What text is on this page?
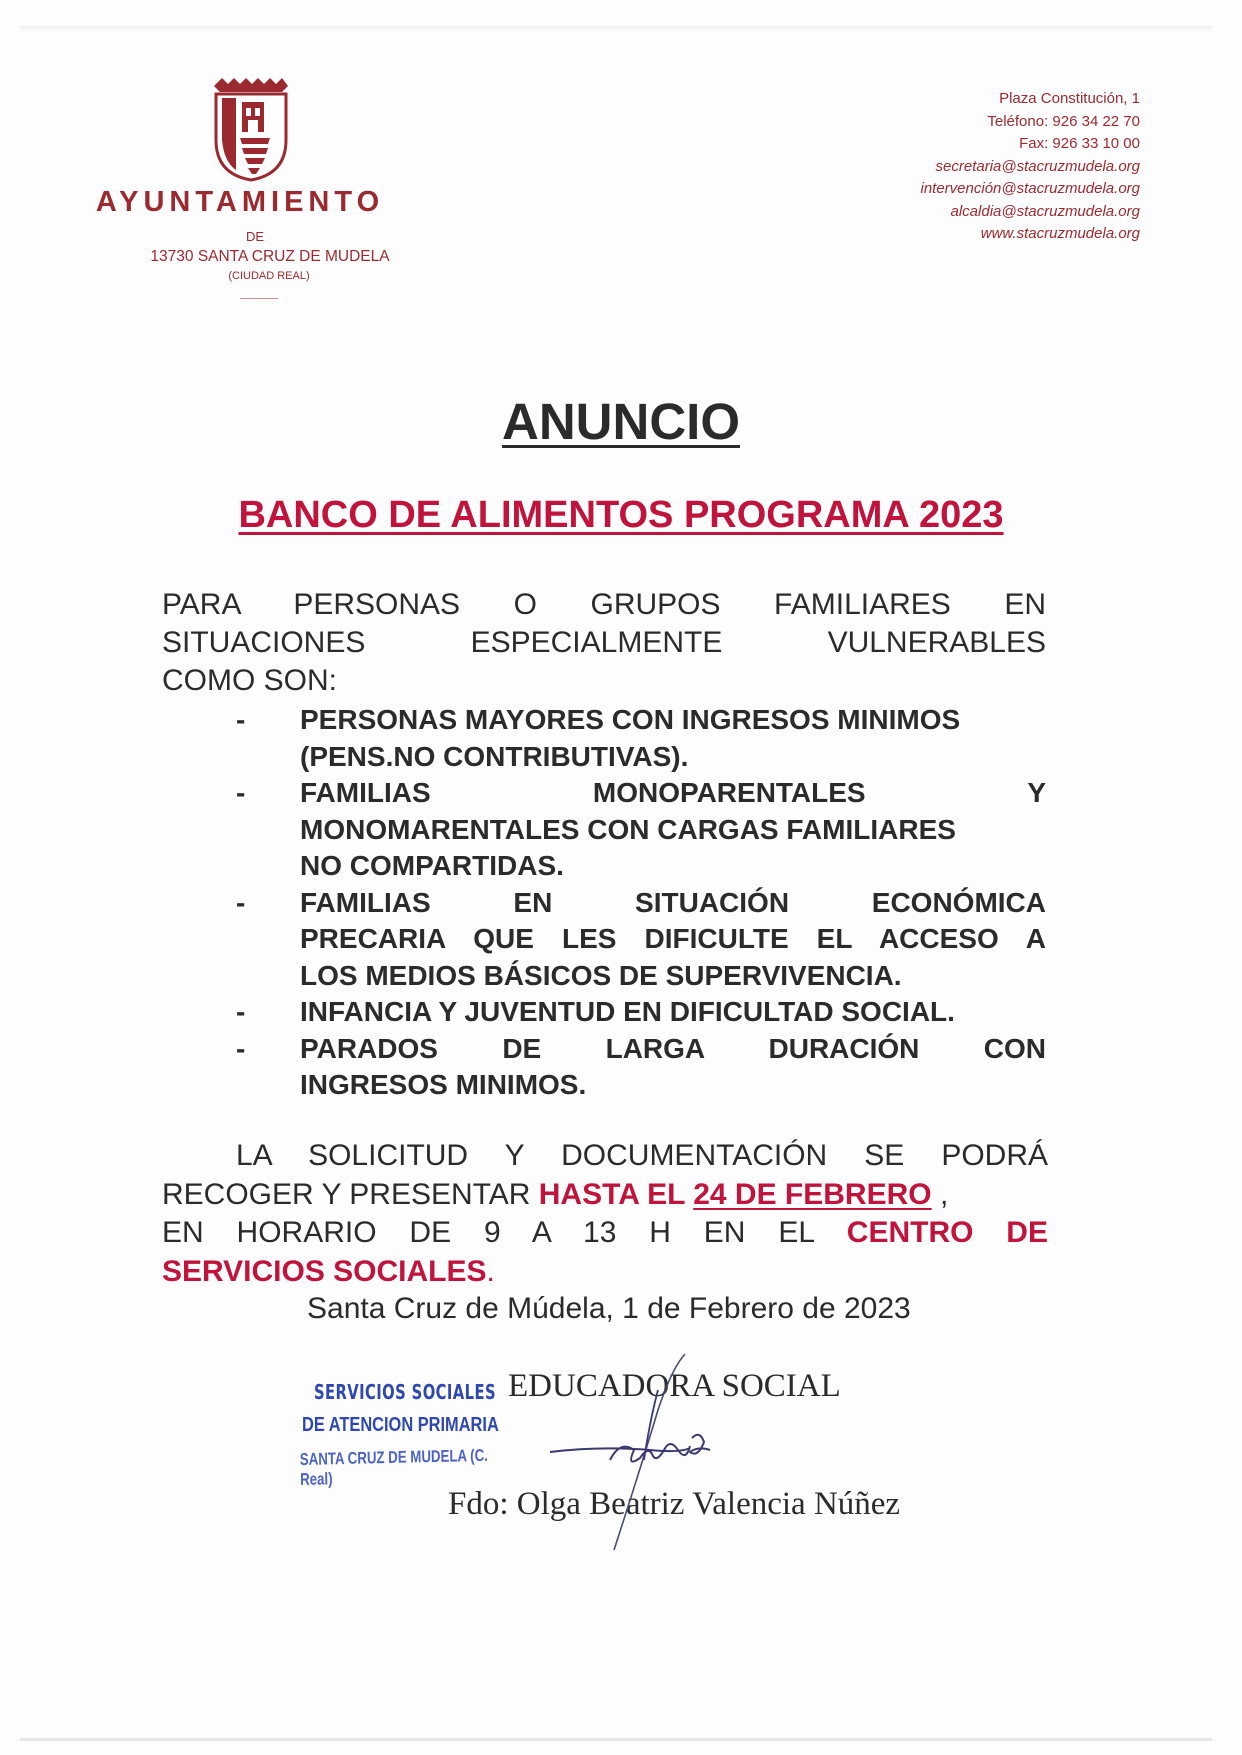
AYUNTAMIENTO
DE
13730 SANTA CRUZ DE MUDELA
(CIUDAD REAL)
Plaza Constitución, 1
Teléfono: 926 34 22 70
Fax: 926 33 10 00
secretaria@stacruzmudela.org
intervención@stacruzmudela.org
alcaldia@stacruzmudela.org
www.stacruzmudela.org
ANUNCIO
BANCO DE ALIMENTOS PROGRAMA 2023
PARA PERSONAS O GRUPOS FAMILIARES EN
SITUACIONES ESPECIALMENTE VULNERABLES
COMO SON:
- PERSONAS MAYORES CON INGRESOS MINIMOS
(PENS.NO CONTRIBUTIVAS).
- FAMILIAS MONOPARENTALES Y
MONOMARENTALES CON CARGAS FAMILIARES
NO COMPARTIDAS.
- FAMILIAS EN SITUACIÓN ECONÓMICA
PRECARIA QUE LES DIFICULTE EL ACCESO A
LOS MEDIOS BÁSICOS DE SUPERVIVENCIA.
- INFANCIA Y JUVENTUD EN DIFICULTAD SOCIAL.
- PARADOS DE LARGA DURACIÓN CON
INGRESOS MINIMOS.
LA SOLICITUD Y DOCUMENTACIÓN SE PODRÁ
RECOGER Y PRESENTAR HASTA EL 24 DE FEBRERO ,
EN HORARIO DE 9 A 13 H EN EL CENTRO DE
SERVICIOS SOCIALES.
Santa Cruz de Múdela, 1 de Febrero de 2023
SERVICIOS SOCIALES
DE ATENCION PRIMARIA
SANTA CRUZ DE MUDELA (C. Real)
EDUCADORA SOCIAL
Fdo: Olga Beatriz Valencia Núñez
